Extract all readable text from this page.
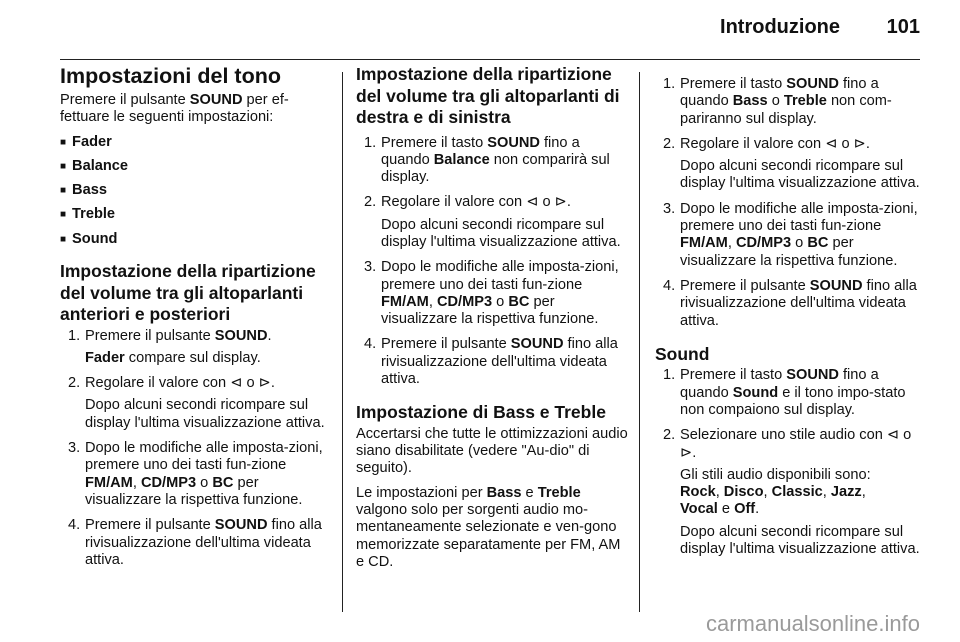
Introduzione 101
Impostazioni del tono

Premere il pulsante SOUND per ef-fettuare le seguenti impostazioni:

■ Fader
■ Balance
■ Bass
■ Treble
■ Sound
Impostazione della ripartizione del volume tra gli altoparlanti anteriori e posteriori
1. Premere il pulsante SOUND.

Fader compare sul display.

2. Regolare il valore con ⊲ o ⊳.

Dopo alcuni secondi ricompare sul display l'ultima visualizzazione attiva.

3. Dopo le modifiche alle imposta-zioni, premere uno dei tasti fun-zione FM/AM, CD/MP3 o BC per visualizzare la rispettiva funzione.

4. Premere il pulsante SOUND fino alla rivisualizzazione dell'ultima videata attiva.

Impostazione della ripartizione del volume tra gli altoparlanti di destra e di sinistra
1. Premere il tasto SOUND fino a quando Balance non comparirà sul display.

2. Regolare il valore con ⊲ o ⊳.

Dopo alcuni secondi ricompare sul display l'ultima visualizzazione attiva.

3. Dopo le modifiche alle imposta-zioni, premere uno dei tasti fun-zione FM/AM, CD/MP3 o BC per visualizzare la rispettiva funzione.

4. Premere il pulsante SOUND fino alla rivisualizzazione dell'ultima videata attiva.

Impostazione di Bass e Treble

Accertarsi che tutte le ottimizzazioni audio siano disabilitate (vedere "Au-dio" di seguito).

Le impostazioni per Bass e Treble valgono solo per sorgenti audio mo-mentaneamente selezionate e ven-gono memorizzate separatamente per FM, AM e CD.

1. Premere il tasto SOUND fino a quando Bass o Treble non com-pariranno sul display.

2. Regolare il valore con ⊲ o ⊳.

Dopo alcuni secondi ricompare sul display l'ultima visualizzazione attiva.

3. Dopo le modifiche alle imposta-zioni, premere uno dei tasti fun-zione FM/AM, CD/MP3 o BC per visualizzare la rispettiva funzione.

4. Premere il pulsante SOUND fino alla rivisualizzazione dell'ultima videata attiva.

Sound
1. Premere il tasto SOUND fino a quando Sound e il tono impo-stato non compaiono sul display.

2. Selezionare uno stile audio con ⊲ o ⊳.

Gli stili audio disponibili sono:

Rock, Disco, Classic, Jazz,
Vocal e Off.

Dopo alcuni secondi ricompare sul display l'ultima visualizzazione attiva.

carmanualsonline.info
